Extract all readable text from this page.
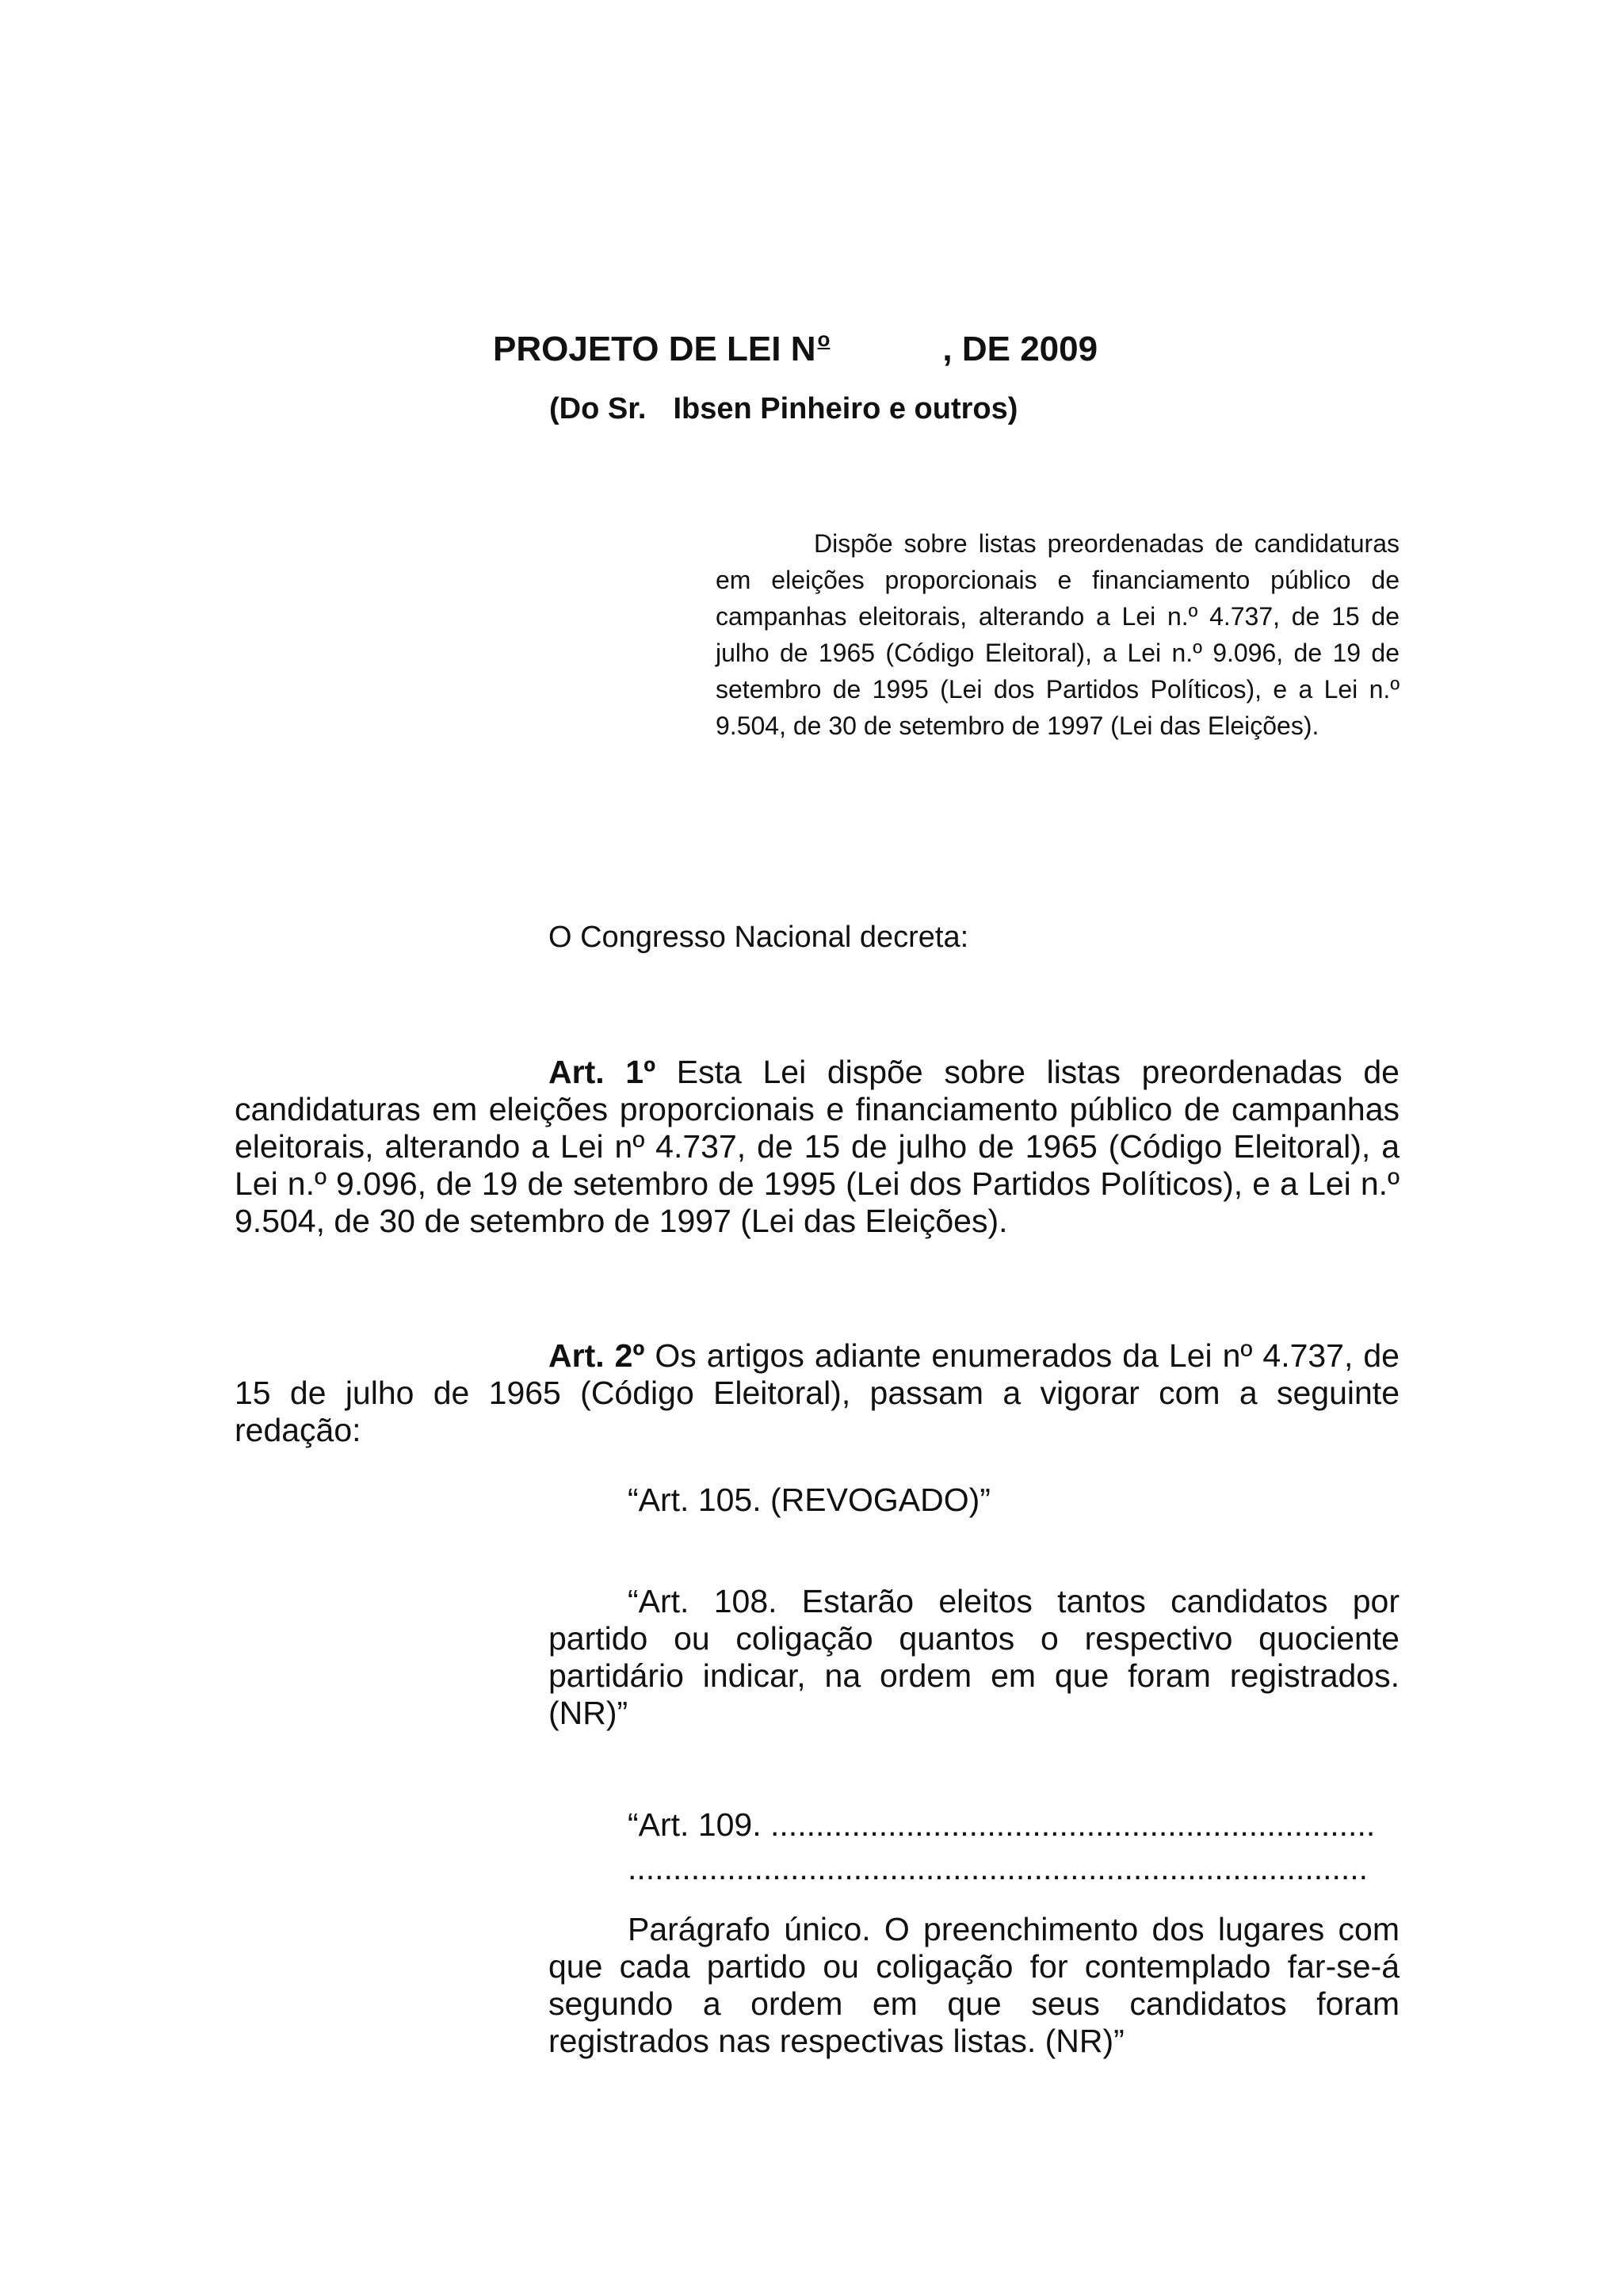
PROJETO DE LEI $N^o$	, DE 2009

(Do Sr. Ibsen Pinheiro e outros)

Dispõe sobre listas preordenadas de candidaturas em eleições proporcionais e financiamento público de campanhas eleitorais, alterando a Lei n.º 4.737, de 15 de julho de 1965 (Código Eleitoral), a Lei n.º 9.096, de 19 de setembro de 1995 (Lei dos Partidos Políticos), e a Lei n.º 9.504, de 30 de setembro de 1997 (Lei das Eleições).

O Congresso Nacional decreta:

Art. 1º Esta Lei dispõe sobre listas preordenadas de candidaturas em eleições proporcionais e financiamento público de campanhas eleitorais, alterando a Lei nº 4.737, de 15 de julho de 1965 (Código Eleitoral), a Lei n.º 9.096, de 19 de setembro de 1995 (Lei dos Partidos Políticos), e a Lei n.º 9.504, de 30 de setembro de 1997 (Lei das Eleições).

Art. 2º Os artigos adiante enumerados da Lei nº 4.737, de 15 de julho de 1965 (Código Eleitoral), passam a vigorar com a seguinte redação:

“Art. 105. (REVOGADO)”

“Art. 108. Estarão eleitos tantos candidatos por partido ou coligação quantos o respectivo quociente partidário indicar, na ordem em que foram registrados. (NR)”

“Art. 109. ...................................................................

..................................................................................

Parágrafo único. O preenchimento dos lugares com que cada partido ou coligação for contemplado far-se-á segundo a ordem em que seus candidatos foram registrados nas respectivas listas. (NR)”
